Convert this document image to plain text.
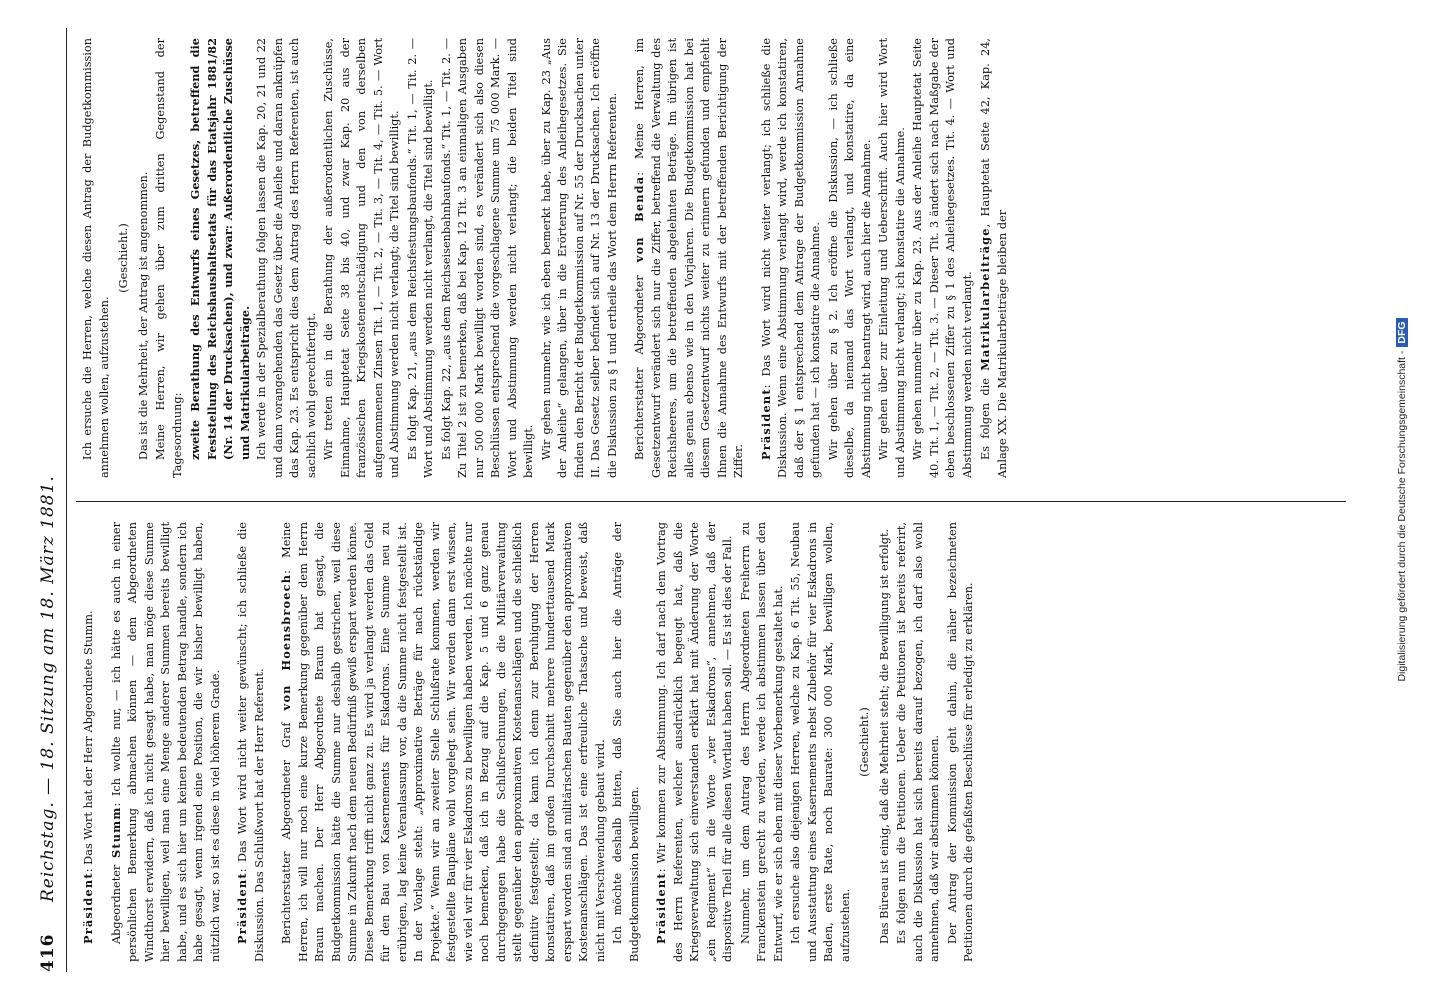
416
Reichstag. — 18. Sitzung am 18. März 1881.

Präsident: Das Wort hat der Herr Abgeordnete Stumm.

Abgeordneter Stumm: Ich wollte nur, — ich hätte es auch in einer persönlichen Bemerkung abmachen können — dem Abgeordneten Windthorst erwidern, daß ich nicht gesagt habe, man möge diese Summe hier bewilligen, weil man eine Menge anderer Summen bereits bewilligt habe, und es sich hier um keinen bedeutenden Betrag handle, sondern ich habe gesagt, wenn irgend eine Position, die wir bisher bewilligt haben, nützlich war, so ist es diese in viel höherem Grade. Präsident: Das Wort wird nicht weiter gewünscht; ich schließe die Diskussion. Das Schlußwort hat der Herr Referent. Berichterstatter Abgeordneter Graf von Hoensbroech: Meine Herren, ich will nur noch eine kurze Bemerkung gegenüber dem Herrn Braun machen. Der Herr Abgeordnete Braun hat gesagt, die Budgetkommission hätte die Summe nur deshalb gestrichen, weil diese Summe in Zukunft nach dem neuen Bedürfniß gewiß erspart werden könne. Diese Bemerkung trifft nicht ganz zu. Es wird ja verlangt werden das Geld für den Bau von Kasernements für Eskadrons. Eine Summe neu zu erübrigen, lag keine Veranlassung vor, da die Summe nicht festgestellt ist. In der Vorlage steht: „Approximative Beträge für nach rückständige Projekte.“ Wenn wir an zweiter Stelle Schlußrate kommen, werden wir festgestellte Baupläne wohl vorgelegt sein. Wir werden dann erst wissen, wie viel wir für vier Eskadrons zu bewilligen haben werden. Ich möchte nur noch bemerken, daß ich in Bezug auf die Kap. 5 und 6 ganz genau durchgegangen habe die Schlußrechnungen, die die Militärverwaltung stellt gegenüber den approximativen Kostenanschlägen und die schließlich definitiv festgestellt; da kann ich denn zur Beruhigung der Herren konstatiren, daß im großen Durchschnitt mehrere hunderttausend Mark erspart worden sind an militärischen Bauten gegenüber den approximativen Kostenanschlägen. Das ist eine erfreuliche Thatsache und beweist, daß nicht mit Verschwendung gebaut wird. Ich möchte deshalb bitten, daß Sie auch hier die Anträge der Budgetkommission bewilligen. Präsident: Wir kommen zur Abstimmung. Ich darf nach dem Vortrag des Herrn Referenten, welcher ausdrücklich begeugt hat, daß die Kriegsverwaltung sich einverstanden erklärt hat mit Änderung der Worte „ein Regiment“ in die Worte „vier Eskadrons“, annehmen, daß der dispositive Theil für alle diesen Wortlaut haben soll. — Es ist dies der Fall. Nunmehr, um dem Antrag des Herrn Abgeordneten Freiherrn zu Franckenstein gerecht zu werden, werde ich abstimmen lassen über den Entwurf, wie er sich eben mit dieser Vorbemerkung gestaltet hat. Ich ersuche also diejenigen Herren, welche zu Kap. 6 Tit. 55, Neubau und Ausstattung eines Kasernements nebst Zubehör für vier Eskadrons in Baden, erste Rate, noch Baurate: 300 000 Mark, bewilligen wollen, aufzustehen.

(Geschieht.) Das Büreau ist einig, daß die Mehrheit steht; die Bewilligung ist erfolgt. Es folgen nun die Petitionen. Ueber die Petitionen ist bereits referirt, auch die Diskussion hat sich bereits darauf bezogen, ich darf also wohl annehmen, daß wir abstimmen können. Der Antrag der Kommission geht dahin, die näher bezeichneten Petitionen durch die gefaßten Beschlüsse für erledigt zu erklären.

Ich ersuche die Herren, welche diesen Antrag der Budgetkommission annehmen wollen, aufzustehen.

(Geschieht.) Das ist die Mehrheit, der Antrag ist angenommen. Meine Herren, wir gehen über zum dritten Gegenstand der Tagesordnung: zweite Berathung des Entwurfs eines Gesetzes, betreffend die Feststellung des Reichshaushaltsetats für das Etatsjahr 1881/82 (Nr. 14 der Drucksachen), und zwar: Außerordentliche Zuschüsse und Matrikularbeiträge. Ich werde in der Spezialberathung folgen lassen die Kap. 20, 21 und 22 und dann vorangehenden das Gesetz über die Anleihe und daran anknüpfen das Kap. 23. Es entspricht dies dem Antrag des Herrn Referenten, ist auch sachlich wohl gerechtfertigt. Wir treten ein in die Berathung der außerordentlichen Zuschüsse, Einnahme, Hauptetat Seite 38 bis 40, und zwar Kap. 20 aus der französischen Kriegskostenentschädigung und den von derselben aufgenommenen Zinsen Tit. 1, — Tit. 2, — Tit. 3, — Tit. 4, — Tit. 5. — Wort und Abstimmung werden nicht verlangt; die Titel sind bewilligt. Es folgt Kap. 21, „aus dem Reichsfestungsbaufonds.“ Tit. 1, — Tit. 2. — Wort und Abstimmung werden nicht verlangt, die Titel sind bewilligt. Es folgt Kap. 22, „aus dem Reichseisenbahnbaufonds.“ Tit. 1, — Tit. 2. — Zu Titel 2 ist zu bemerken, daß bei Kap. 12 Tit. 3 an einmaligen Ausgaben nur 500 000 Mark bewilligt worden sind, es verändert sich also diesen Beschlüssen entsprechend die vorgeschlagene Summe um 75 000 Mark. — Wort und Abstimmung werden nicht verlangt; die beiden Titel sind bewilligt. Wir gehen nunmehr, wie ich eben bemerkt habe, über zu Kap. 23 „Aus der Anleihe“ gelangen, über in die Erörterung des Anleihegesetzes. Sie finden den Bericht der Budgetkommission auf Nr. 55 der Drucksachen unter II. Das Gesetz selber befindet sich auf Nr. 13 der Drucksachen. Ich eröffne die Diskussion zu § 1 und ertheile das Wort dem Herrn Referenten. Berichterstatter Abgeordneter von Benda: Meine Herren, im Gesetzentwurf verändert sich nur die Ziffer, betreffend die Verwaltung des Reichsheeres, um die betreffenden abgelehnten Beträge. Im übrigen ist alles genau ebenso wie in den Vorjahren. Die Budgetkommission hat bei diesem Gesetzentwurf nichts weiter zu erinnern gefunden und empfiehlt Ihnen die Annahme des Entwurfs mit der betreffenden Berichtigung der Ziffer.

Präsident: Das Wort wird nicht weiter verlangt; ich schließe die Diskussion. Wenn eine Abstimmung verlangt wird, werde ich konstatiren, daß der § 1 entsprechend dem Antrage der Budgetkommission Annahme gefunden hat — ich konstatire die Annahme. Wir gehen über zu § 2. Ich eröffne die Diskussion, — ich schließe dieselbe, da niemand das Wort verlangt, und konstatire, da eine Abstimmung nicht beantragt wird, auch hier die Annahme. Wir gehen über zur Einleitung und Ueberschrift. Auch hier wird Wort und Abstimmung nicht verlangt; ich konstatire die Annahme. Wir gehen nunmehr über zu Kap. 23. Aus der Anleihe Hauptetat Seite 40. Tit. 1, — Tit. 2, — Tit. 3. — Dieser Tit. 3 ändert sich nach Maßgabe der eben beschlossenen Ziffer zu § 1 des Anleihegesetzes. Tit. 4. — Wort und Abstimmung werden nicht verlangt. Es folgen die Matrikularbeiträge, Hauptetat Seite 42, Kap. 24, Anlage XX. Die Matrikularbeiträge bleiben der

Digitalisierung gefördert durch die Deutsche Forschungsgemeinschaft -DFG
